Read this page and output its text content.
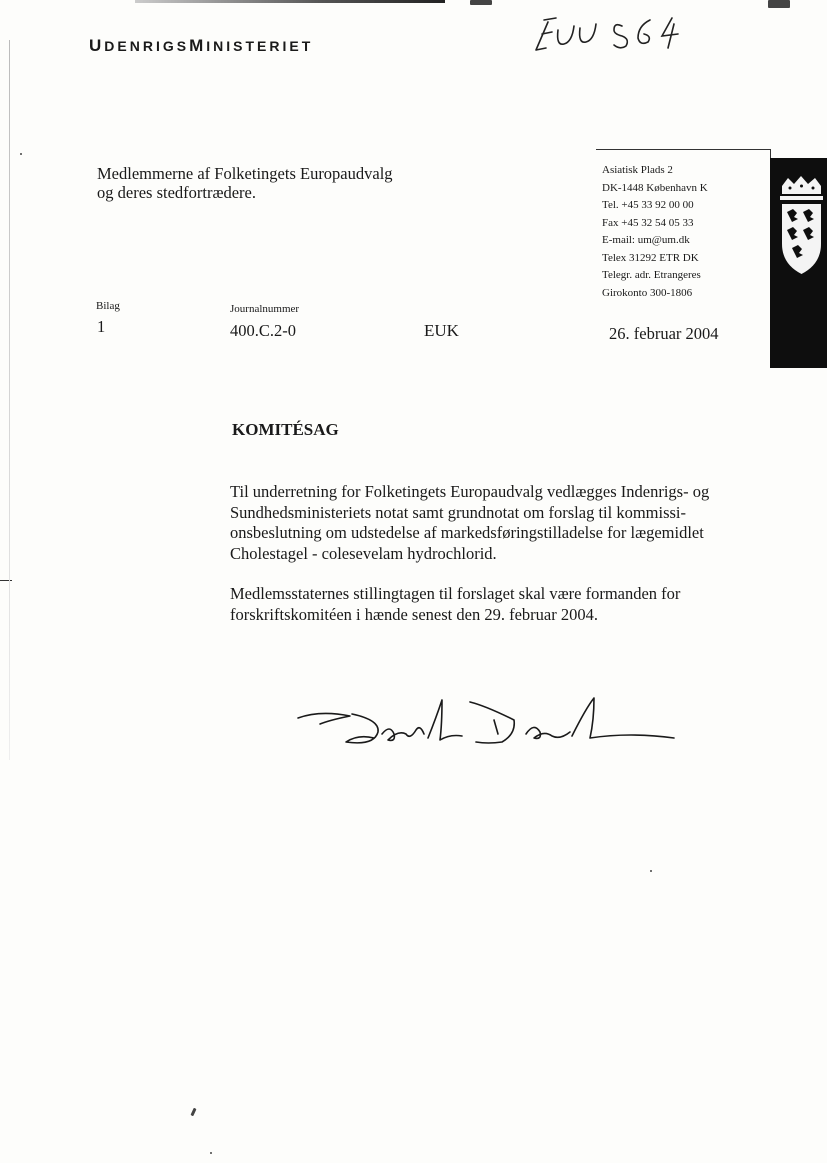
UDENRIGSMINISTERIET
Medlemmerne af Folketingets Europaudvalg
og deres stedfortrædere.
Asiatisk Plads 2
DK-1448 København K
Tel. +45 33 92 00 00
Fax +45 32 54 05 33
E-mail: um@um.dk
Telex 31292 ETR DK
Telegr. adr. Etrangeres
Girokonto 300-1806
Bilag
1
Journalnummer
400.C.2-0	EUK	26. februar 2004
KOMITÉSAG
Til underretning for Folketingets Europaudvalg vedlægges Indenrigs- og Sundhedsministeriets notat samt grundnotat om forslag til kommissi-onsbeslutning om udstedelse af markedsføringstilladelse for lægemidlet Cholestagel - colesevelam hydrochlorid.
Medlemsstaternes stillingtagen til forslaget skal være formanden for forskriftskomitéen i hænde senest den 29. februar 2004.
